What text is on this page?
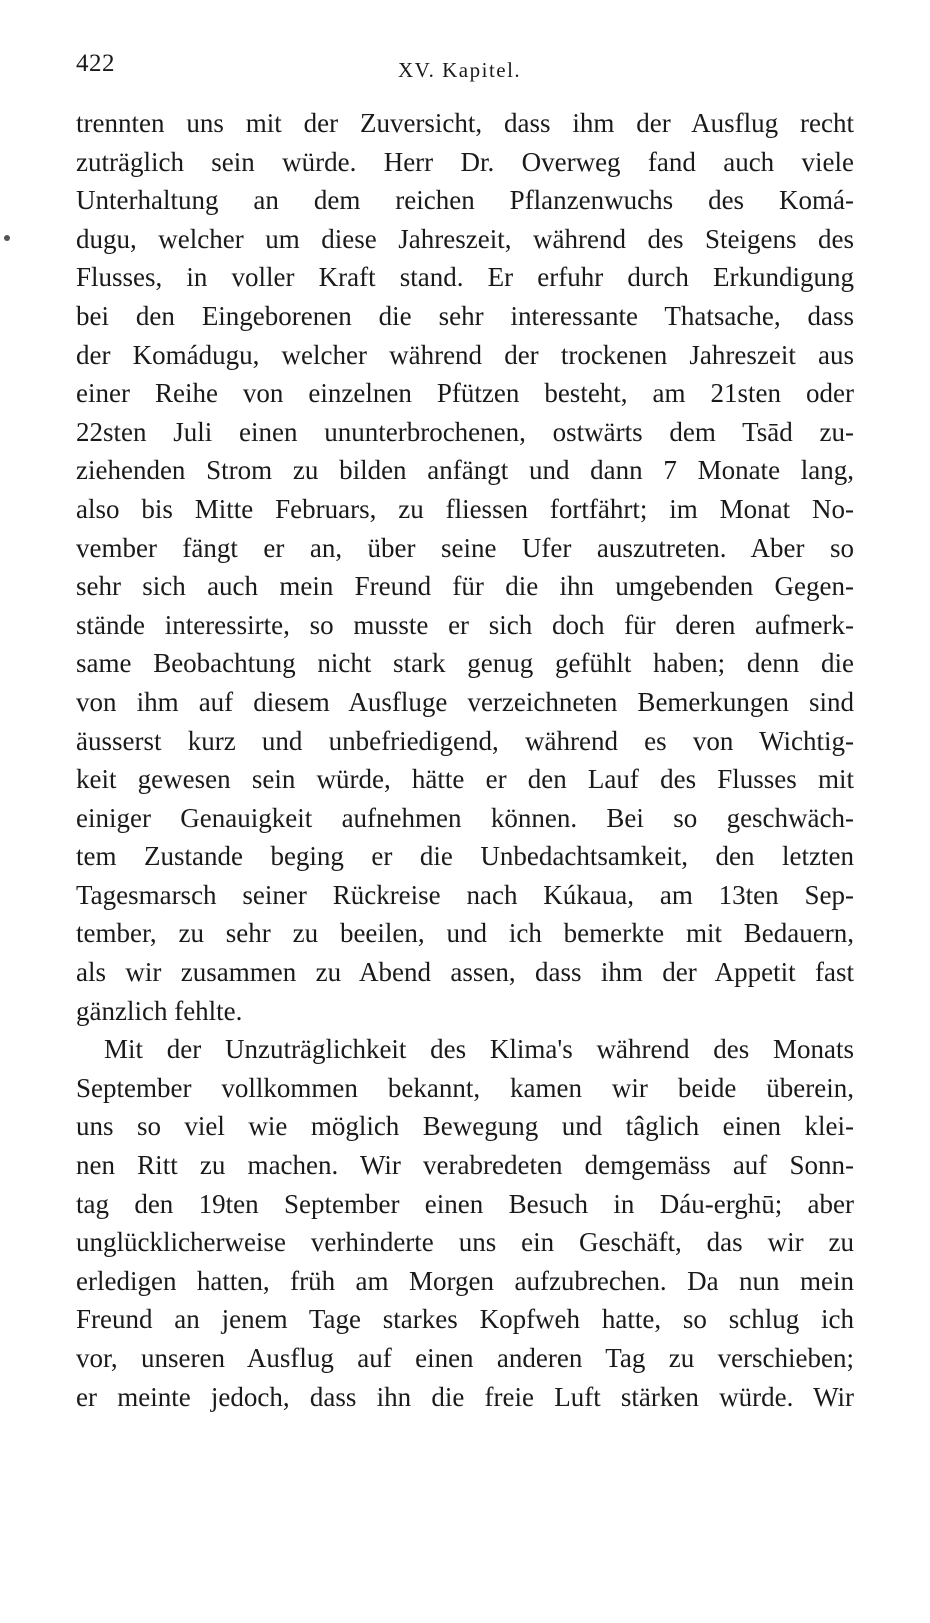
422	XV. Kapitel.
trennten uns mit der Zuversicht, dass ihm der Ausflug recht
zuträglich sein würde. Herr Dr. Overweg fand auch viele
Unterhaltung an dem reichen Pflanzenwuchs des Komá-
dugu, welcher um diese Jahreszeit, während des Steigens des
Flusses, in voller Kraft stand. Er erfuhr durch Erkundigung
bei den Eingeborenen die sehr interessante Thatsache, dass
der Komádugu, welcher während der trockenen Jahreszeit aus
einer Reihe von einzelnen Pfützen besteht, am 21sten oder
22sten Juli einen ununterbrochenen, ostwärts dem Tsād zu-
ziehenden Strom zu bilden anfängt und dann 7 Monate lang,
also bis Mitte Februars, zu fliessen fortfährt; im Monat No-
vember fängt er an, über seine Ufer auszutreten. Aber so
sehr sich auch mein Freund für die ihn umgebenden Gegen-
stände interessirte, so musste er sich doch für deren aufmerk-
same Beobachtung nicht stark genug gefühlt haben; denn die
von ihm auf diesem Ausfluge verzeichneten Bemerkungen sind
äusserst kurz und unbefriedigend, während es von Wichtig-
keit gewesen sein würde, hätte er den Lauf des Flusses mit
einiger Genauigkeit aufnehmen können. Bei so geschwäch-
tem Zustande beging er die Unbedachtsamkeit, den letzten
Tagesmarsch seiner Rückreise nach Kúkaua, am 13ten Sep-
tember, zu sehr zu beeilen, und ich bemerkte mit Bedauern,
als wir zusammen zu Abend assen, dass ihm der Appetit fast
gänzlich fehlte.
Mit der Unzuträglichkeit des Klima's während des Monats
September vollkommen bekannt, kamen wir beide überein,
uns so viel wie möglich Bewegung und tâglich einen klei-
nen Ritt zu machen. Wir verabredeten demgemäss auf Sonn-
tag den 19ten September einen Besuch in Dáu-erghū; aber
unglücklicherweise verhinderte uns ein Geschäft, das wir zu
erledigen hatten, früh am Morgen aufzubrechen. Da nun mein
Freund an jenem Tage starkes Kopfweh hatte, so schlug ich
vor, unseren Ausflug auf einen anderen Tag zu verschieben;
er meinte jedoch, dass ihn die freie Luft stärken würde. Wir
